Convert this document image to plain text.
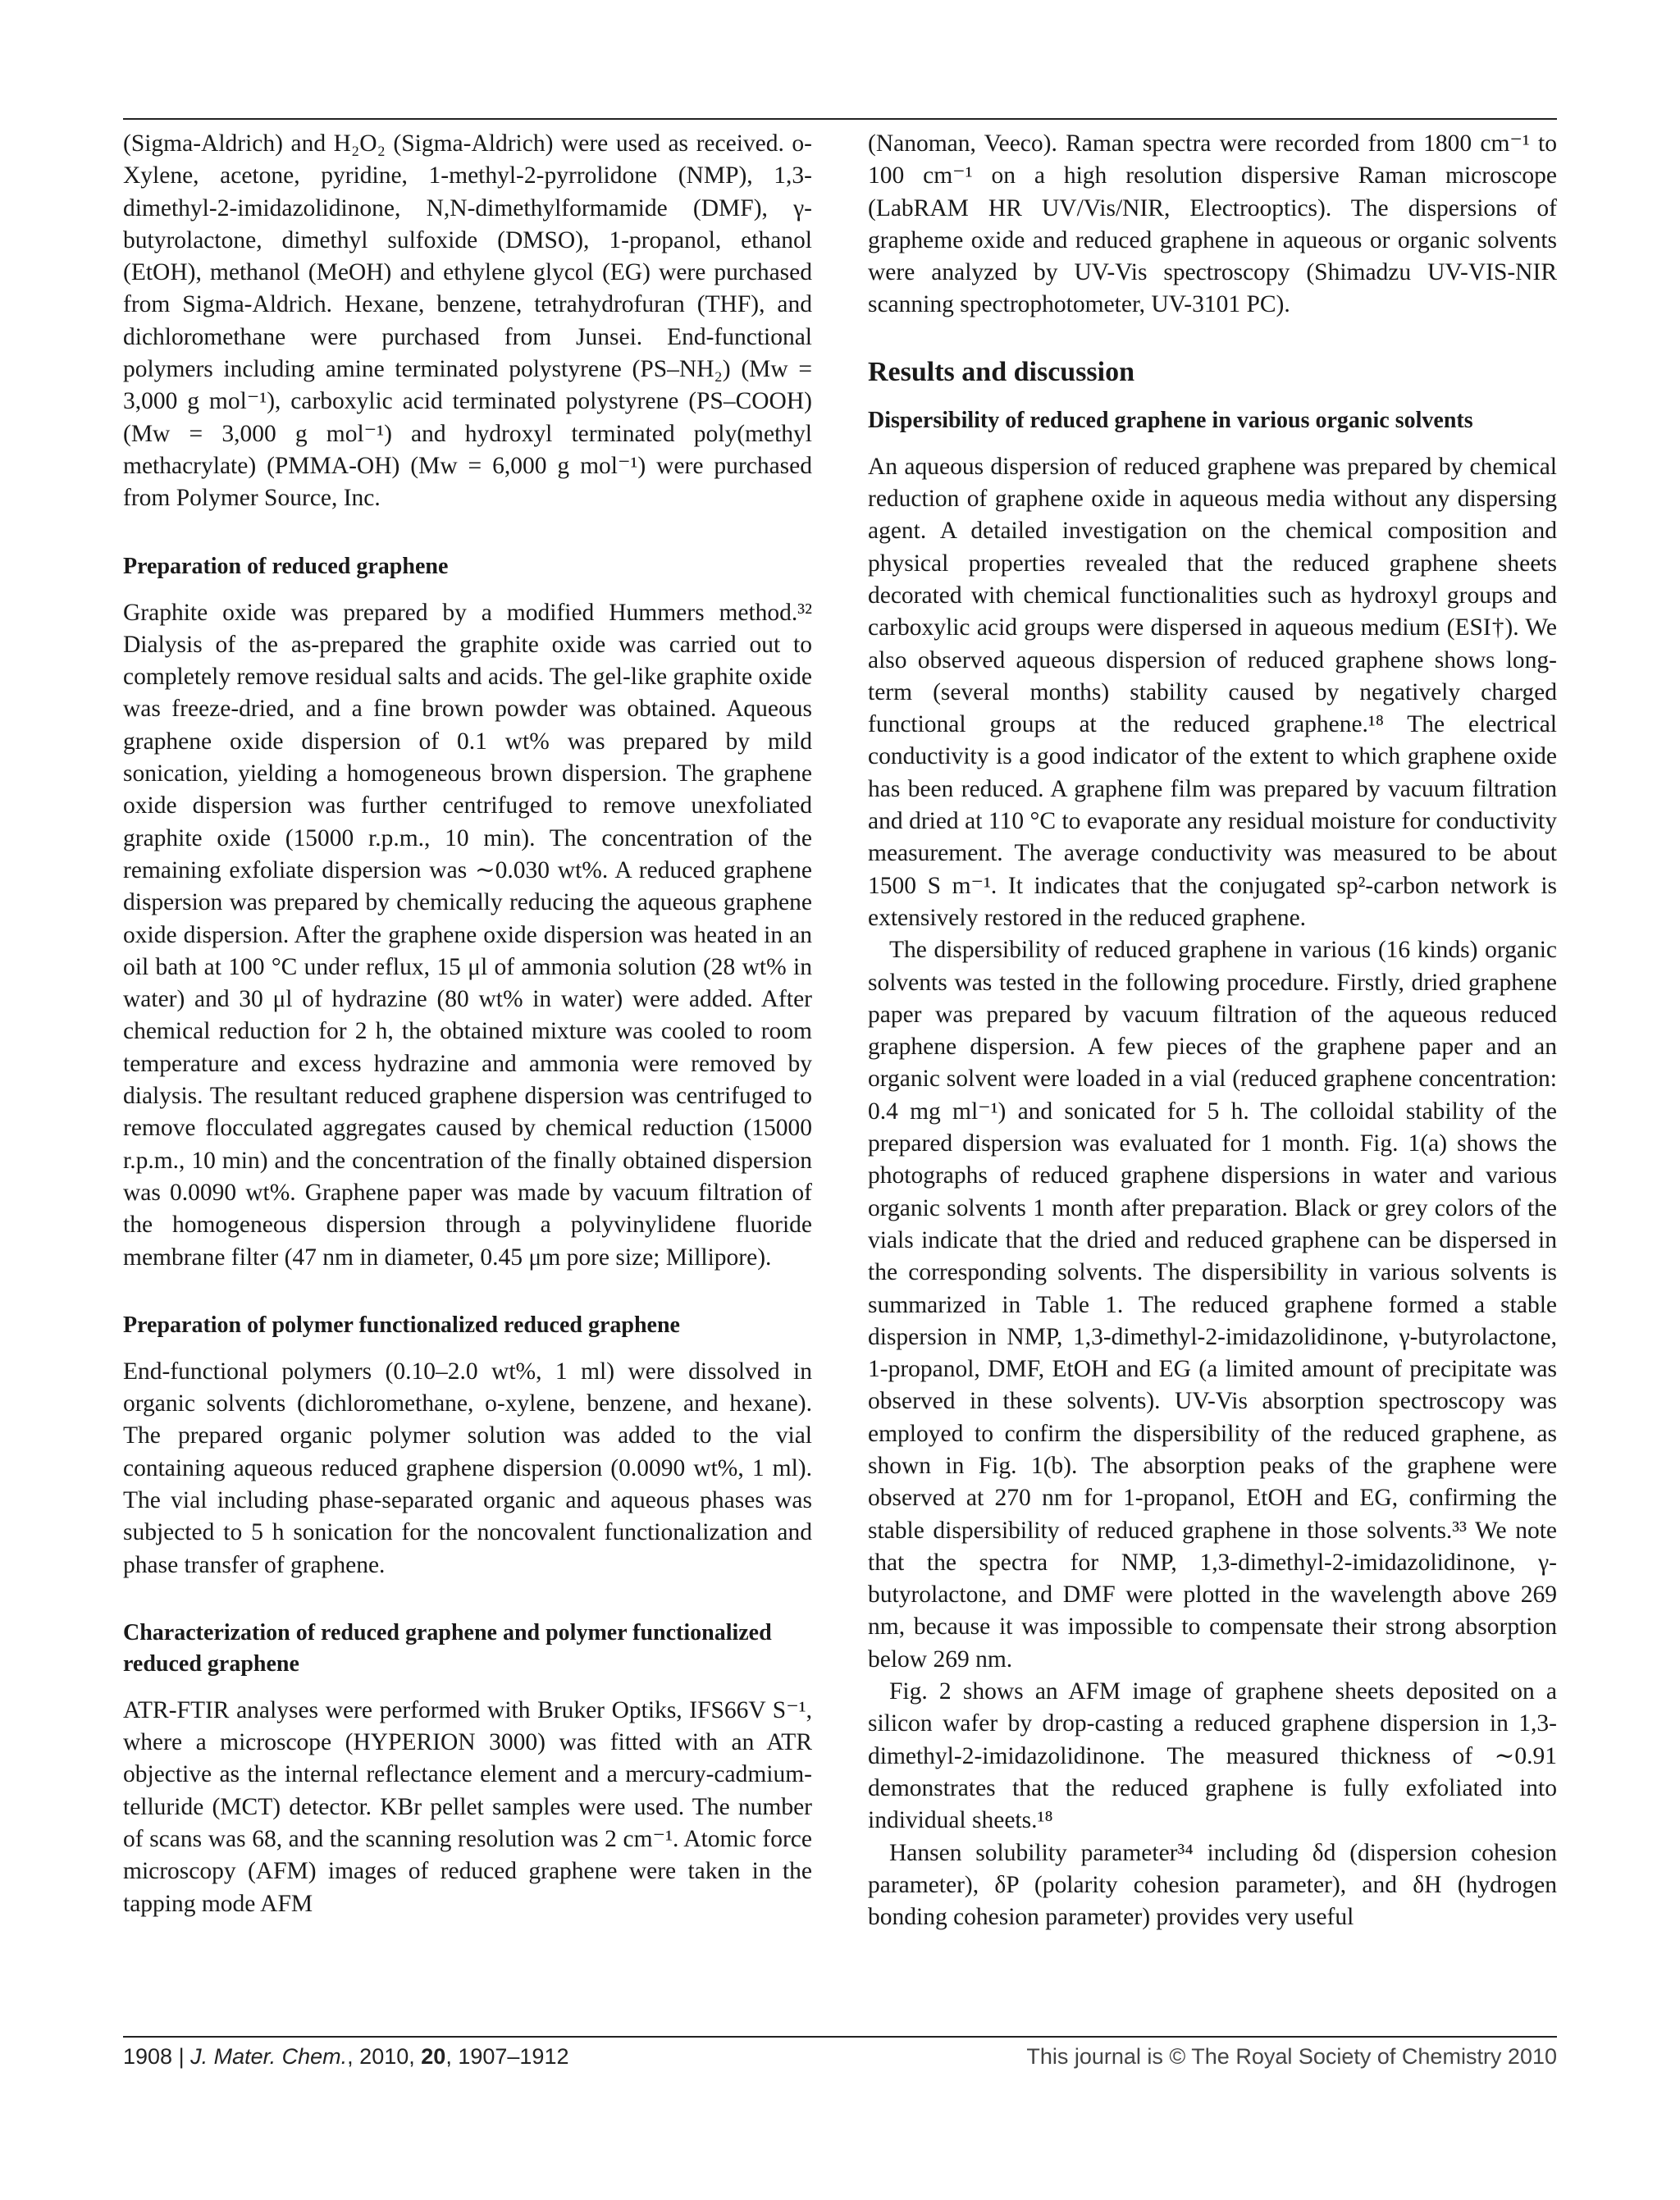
(Sigma-Aldrich) and H₂O₂ (Sigma-Aldrich) were used as received. o-Xylene, acetone, pyridine, 1-methyl-2-pyrrolidone (NMP), 1,3-dimethyl-2-imidazolidinone, N,N-dimethylformamide (DMF), γ-butyrolactone, dimethyl sulfoxide (DMSO), 1-propanol, ethanol (EtOH), methanol (MeOH) and ethylene glycol (EG) were purchased from Sigma-Aldrich. Hexane, benzene, tetrahydrofuran (THF), and dichloromethane were purchased from Junsei. End-functional polymers including amine terminated polystyrene (PS–NH₂) (Mw = 3,000 g mol⁻¹), carboxylic acid terminated polystyrene (PS–COOH) (Mw = 3,000 g mol⁻¹) and hydroxyl terminated poly(methyl methacrylate) (PMMA-OH) (Mw = 6,000 g mol⁻¹) were purchased from Polymer Source, Inc.

Preparation of reduced graphene

Graphite oxide was prepared by a modified Hummers method.³² Dialysis of the as-prepared the graphite oxide was carried out to completely remove residual salts and acids. The gel-like graphite oxide was freeze-dried, and a fine brown powder was obtained. Aqueous graphene oxide dispersion of 0.1 wt% was prepared by mild sonication, yielding a homogeneous brown dispersion. The graphene oxide dispersion was further centrifuged to remove unexfoliated graphite oxide (15000 r.p.m., 10 min). The concentration of the remaining exfoliate dispersion was ∼0.030 wt%. A reduced graphene dispersion was prepared by chemically reducing the aqueous graphene oxide dispersion. After the graphene oxide dispersion was heated in an oil bath at 100 °C under reflux, 15 μl of ammonia solution (28 wt% in water) and 30 μl of hydrazine (80 wt% in water) were added. After chemical reduction for 2 h, the obtained mixture was cooled to room temperature and excess hydrazine and ammonia were removed by dialysis. The resultant reduced graphene dispersion was centrifuged to remove flocculated aggregates caused by chemical reduction (15000 r.p.m., 10 min) and the concentration of the finally obtained dispersion was 0.0090 wt%. Graphene paper was made by vacuum filtration of the homogeneous dispersion through a polyvinylidene fluoride membrane filter (47 nm in diameter, 0.45 μm pore size; Millipore).

Preparation of polymer functionalized reduced graphene

End-functional polymers (0.10–2.0 wt%, 1 ml) were dissolved in organic solvents (dichloromethane, o-xylene, benzene, and hexane). The prepared organic polymer solution was added to the vial containing aqueous reduced graphene dispersion (0.0090 wt%, 1 ml). The vial including phase-separated organic and aqueous phases was subjected to 5 h sonication for the noncovalent functionalization and phase transfer of graphene.

Characterization of reduced graphene and polymer functionalized reduced graphene

ATR-FTIR analyses were performed with Bruker Optiks, IFS66V S⁻¹, where a microscope (HYPERION 3000) was fitted with an ATR objective as the internal reflectance element and a mercury-cadmium-telluride (MCT) detector. KBr pellet samples were used. The number of scans was 68, and the scanning resolution was 2 cm⁻¹. Atomic force microscopy (AFM) images of reduced graphene were taken in the tapping mode AFM

(Nanoman, Veeco). Raman spectra were recorded from 1800 cm⁻¹ to 100 cm⁻¹ on a high resolution dispersive Raman microscope (LabRAM HR UV/Vis/NIR, Electrooptics). The dispersions of grapheme oxide and reduced graphene in aqueous or organic solvents were analyzed by UV-Vis spectroscopy (Shimadzu UV-VIS-NIR scanning spectrophotometer, UV-3101 PC).

Results and discussion
Dispersibility of reduced graphene in various organic solvents

An aqueous dispersion of reduced graphene was prepared by chemical reduction of graphene oxide in aqueous media without any dispersing agent. A detailed investigation on the chemical composition and physical properties revealed that the reduced graphene sheets decorated with chemical functionalities such as hydroxyl groups and carboxylic acid groups were dispersed in aqueous medium (ESI†). We also observed aqueous dispersion of reduced graphene shows long-term (several months) stability caused by negatively charged functional groups at the reduced graphene.¹⁸ The electrical conductivity is a good indicator of the extent to which graphene oxide has been reduced. A graphene film was prepared by vacuum filtration and dried at 110 °C to evaporate any residual moisture for conductivity measurement. The average conductivity was measured to be about 1500 S m⁻¹. It indicates that the conjugated sp²-carbon network is extensively restored in the reduced graphene.

The dispersibility of reduced graphene in various (16 kinds) organic solvents was tested in the following procedure. Firstly, dried graphene paper was prepared by vacuum filtration of the aqueous reduced graphene dispersion. A few pieces of the graphene paper and an organic solvent were loaded in a vial (reduced graphene concentration: 0.4 mg ml⁻¹) and sonicated for 5 h. The colloidal stability of the prepared dispersion was evaluated for 1 month. Fig. 1(a) shows the photographs of reduced graphene dispersions in water and various organic solvents 1 month after preparation. Black or grey colors of the vials indicate that the dried and reduced graphene can be dispersed in the corresponding solvents. The dispersibility in various solvents is summarized in Table 1. The reduced graphene formed a stable dispersion in NMP, 1,3-dimethyl-2-imidazolidinone, γ-butyrolactone, 1-propanol, DMF, EtOH and EG (a limited amount of precipitate was observed in these solvents). UV-Vis absorption spectroscopy was employed to confirm the dispersibility of the reduced graphene, as shown in Fig. 1(b). The absorption peaks of the graphene were observed at 270 nm for 1-propanol, EtOH and EG, confirming the stable dispersibility of reduced graphene in those solvents.³³ We note that the spectra for NMP, 1,3-dimethyl-2-imidazolidinone, γ-butyrolactone, and DMF were plotted in the wavelength above 269 nm, because it was impossible to compensate their strong absorption below 269 nm.

Fig. 2 shows an AFM image of graphene sheets deposited on a silicon wafer by drop-casting a reduced graphene dispersion in 1,3-dimethyl-2-imidazolidinone. The measured thickness of ∼0.91 demonstrates that the reduced graphene is fully exfoliated into individual sheets.¹⁸

Hansen solubility parameter³⁴ including δd (dispersion cohesion parameter), δP (polarity cohesion parameter), and δH (hydrogen bonding cohesion parameter) provides very useful

1908 | J. Mater. Chem., 2010, 20, 1907–1912	This journal is © The Royal Society of Chemistry 2010
